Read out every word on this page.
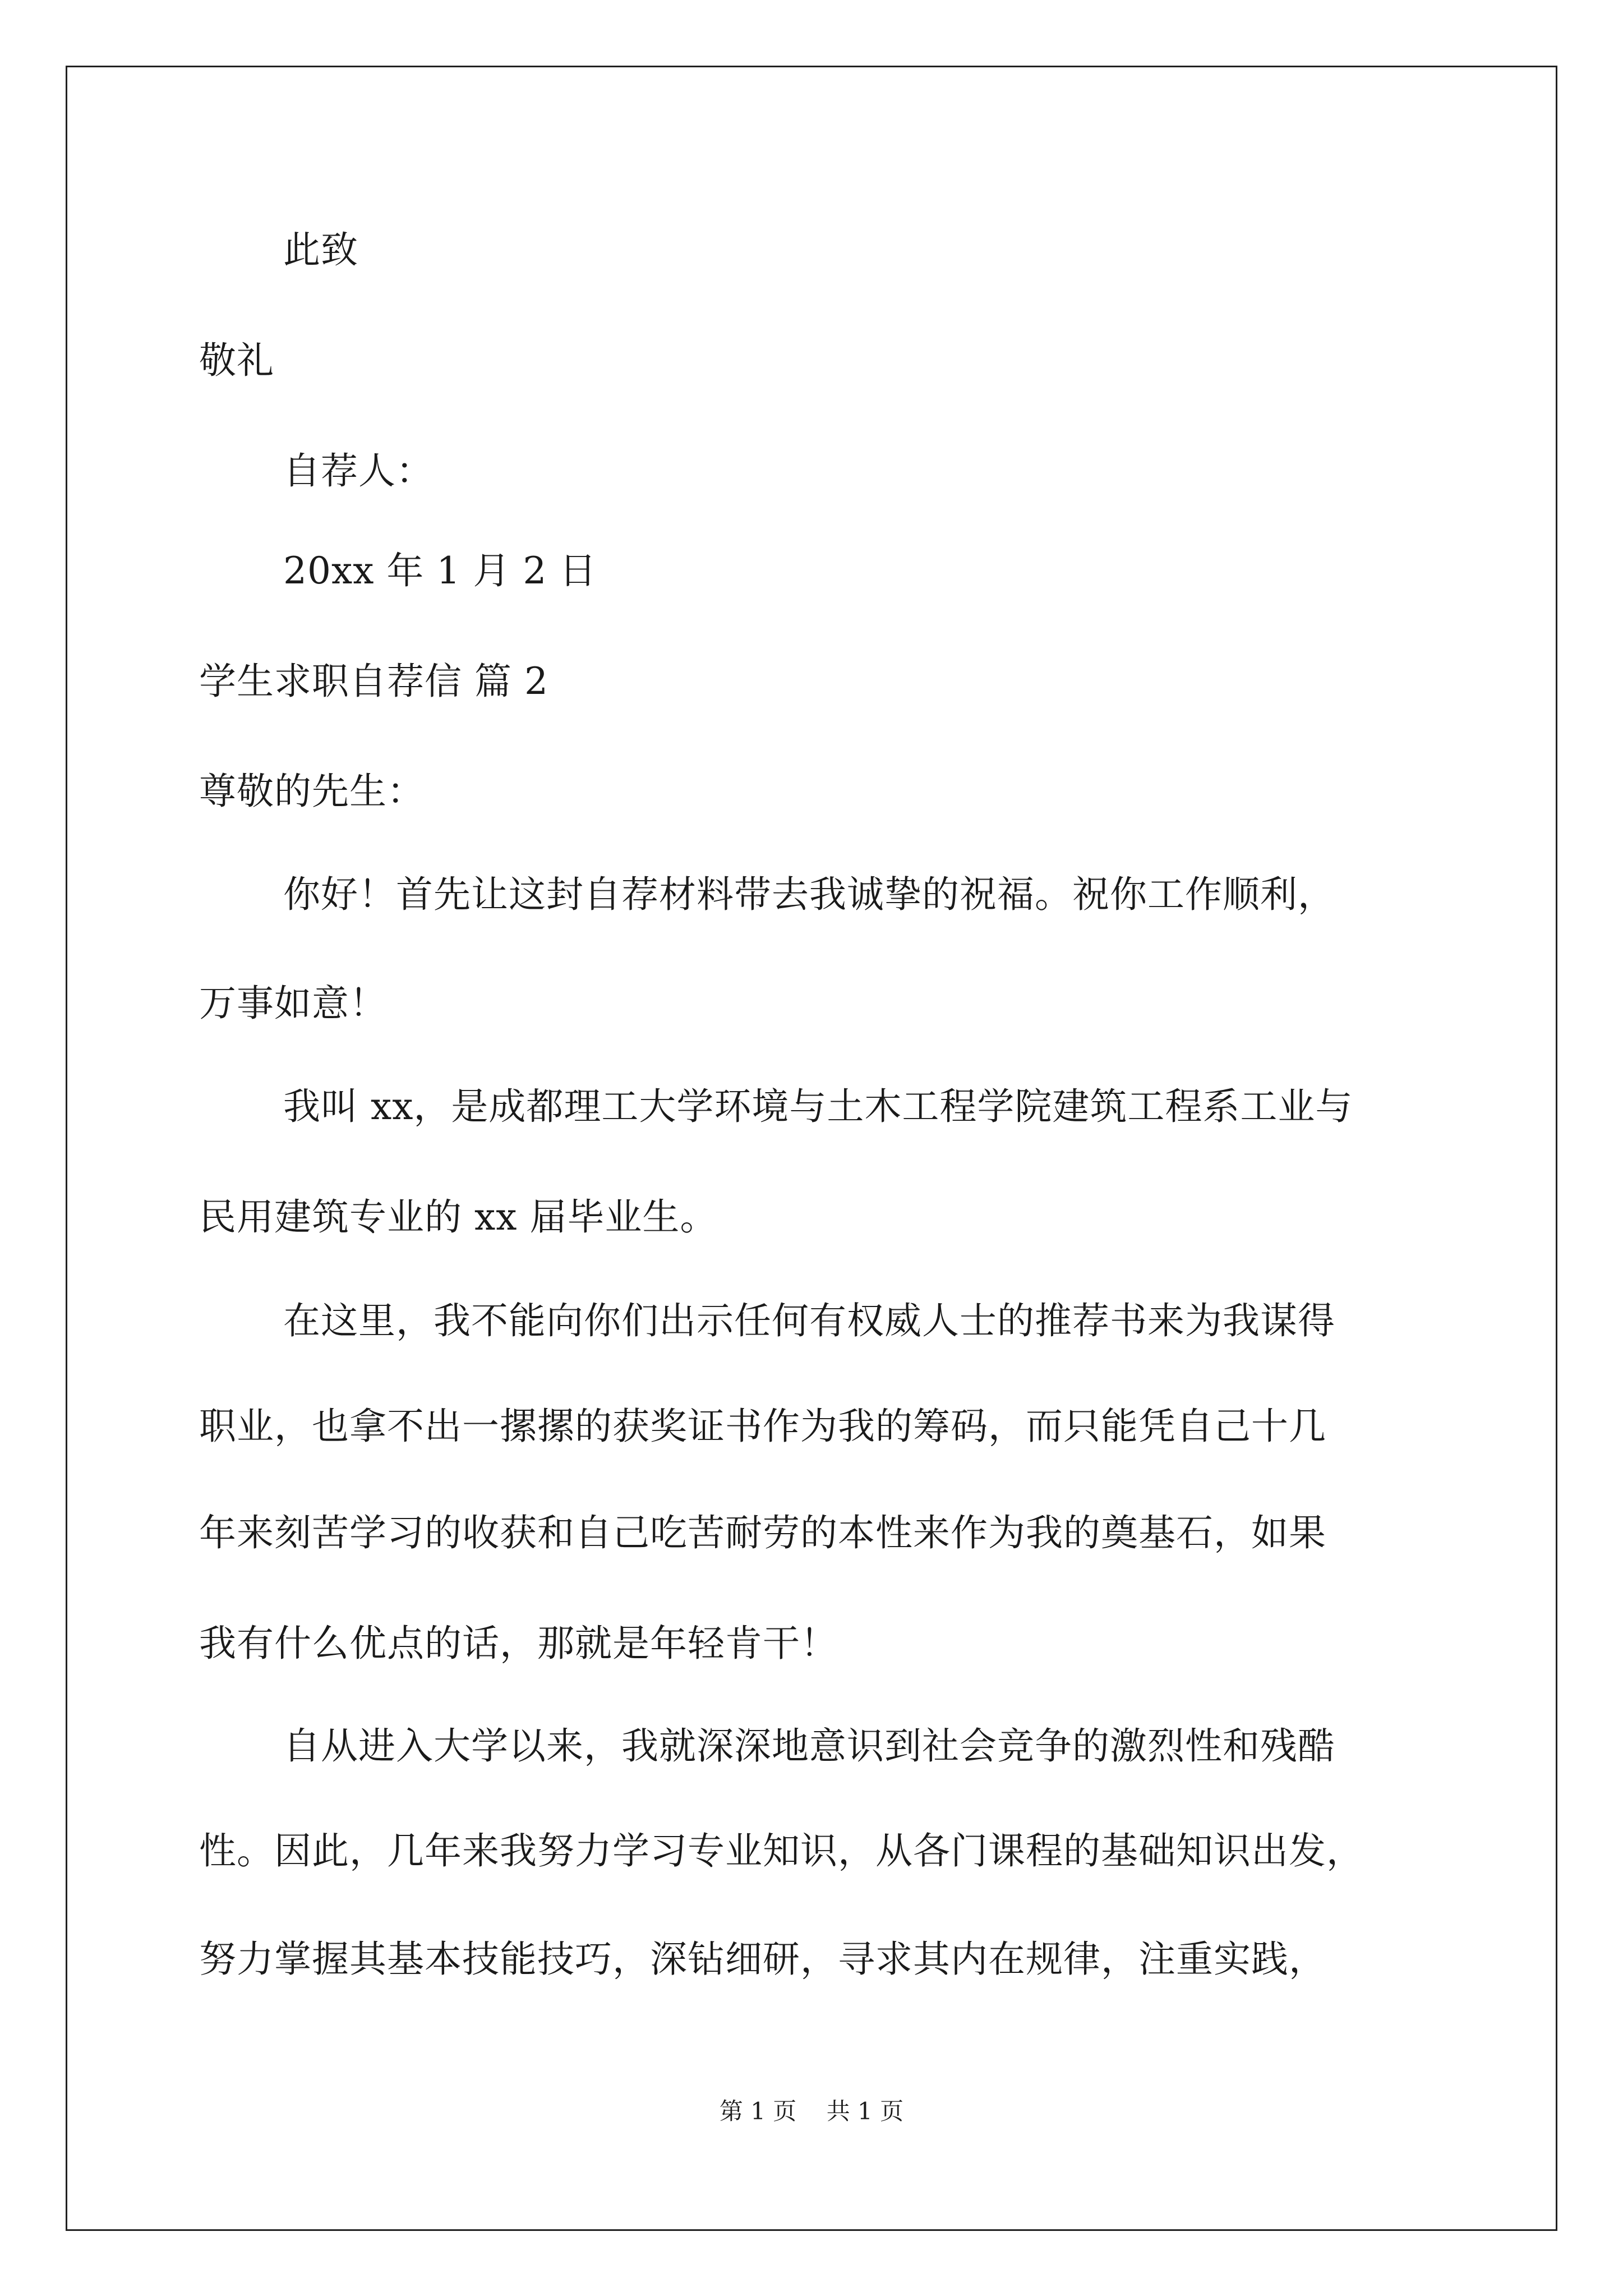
此致
敬礼
自荐人：
20xx 年 1 月 2 日
学生求职自荐信 篇 2
尊敬的先生：
你好！首先让这封自荐材料带去我诚挚的祝福。祝你工作顺利，
万事如意！
我叫 xx，是成都理工大学环境与土木工程学院建筑工程系工业与
民用建筑专业的 xx 届毕业生。
在这里，我不能向你们出示任何有权威人士的推荐书来为我谋得
职业，也拿不出一摞摞的获奖证书作为我的筹码，而只能凭自己十几
年来刻苦学习的收获和自己吃苦耐劳的本性来作为我的奠基石，如果
我有什么优点的话，那就是年轻肯干！
自从进入大学以来，我就深深地意识到社会竞争的激烈性和残酷
性。因此，几年来我努力学习专业知识，从各门课程的基础知识出发，
努力掌握其基本技能技巧，深钻细研，寻求其内在规律，注重实践，
第 1 页    共 1 页
